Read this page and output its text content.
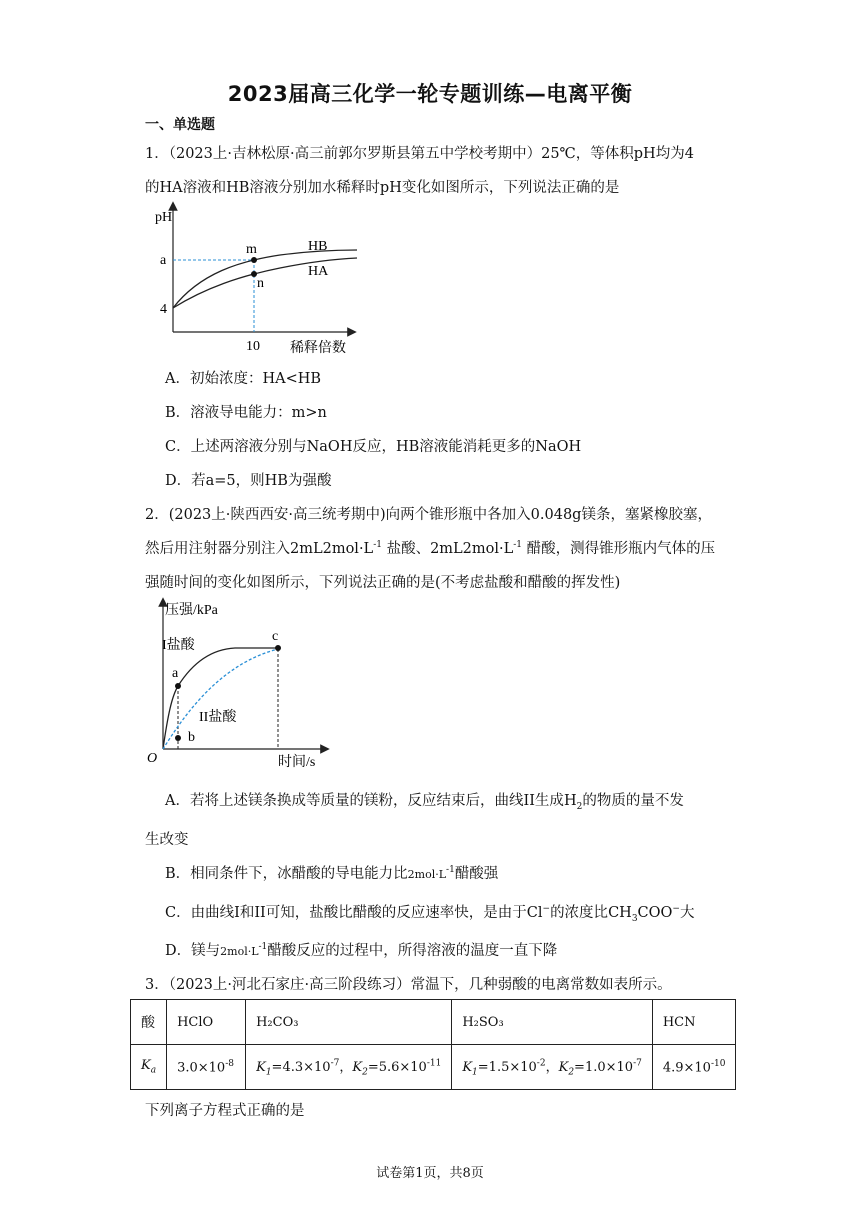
2023届高三化学一轮专题训练—电离平衡
一、单选题
1．（2023上·吉林松原·高三前郭尔罗斯县第五中学校考期中）25℃，等体积pH均为4
的HA溶液和HB溶液分别加水稀释时pH变化如图所示，下列说法正确的是
pH
a
4
10 稀释倍数
m
n
HB
HA
A．初始浓度：HA<HB
B．溶液导电能力：m>n
C．上述两溶液分别与NaOH反应，HB溶液能消耗更多的NaOH
D．若a=5，则HB为强酸
2．(2023上·陕西西安·高三统考期中)向两个锥形瓶中各加入0.048g镁条，塞紧橡胶塞，
然后用注射器分别注入$2mL2mol\cdot L^{-1}$ 盐酸、$2mL2mol\cdot L^{-1}$ 醋酸，测得锥形瓶内气体的压
强随时间的变化如图所示，下列说法正确的是(不考虑盐酸和醋酸的挥发性)
压强/kPa
I盐酸
II盐酸
a
b
c
O	时间/s
A．若将上述镁条换成等质量的镁粉，反应结束后，曲线II生成$H_2$的物质的量不发
生改变
B．相同条件下，冰醋酸的导电能力比$2mol\cdot L^{-1}$醋酸强
C．由曲线I和II可知，盐酸比醋酸的反应速率快，是由于Cl−的浓度比$CH_3COO^-$大
D．镁与$2mol\cdot L^{-1}$醋酸反应的过程中，所得溶液的温度一直下降
3．（2023上·河北石家庄·高三阶段练习）常温下，几种弱酸的电离常数如表所示。
酸	HClO	H₂CO₃	H₂SO₃	HCN
$K_a$	$3.0\times 10^{-8}$	$K_1=4.3\times 10^{-7}$，$K_2=5.6\times 10^{-11}$	$K_1=1.5\times 10^{-2}$，$K_2=1.0\times 10^{-7}$	$4.9\times 10^{-10}$
下列离子方程式正确的是
试卷第1页，共8页
